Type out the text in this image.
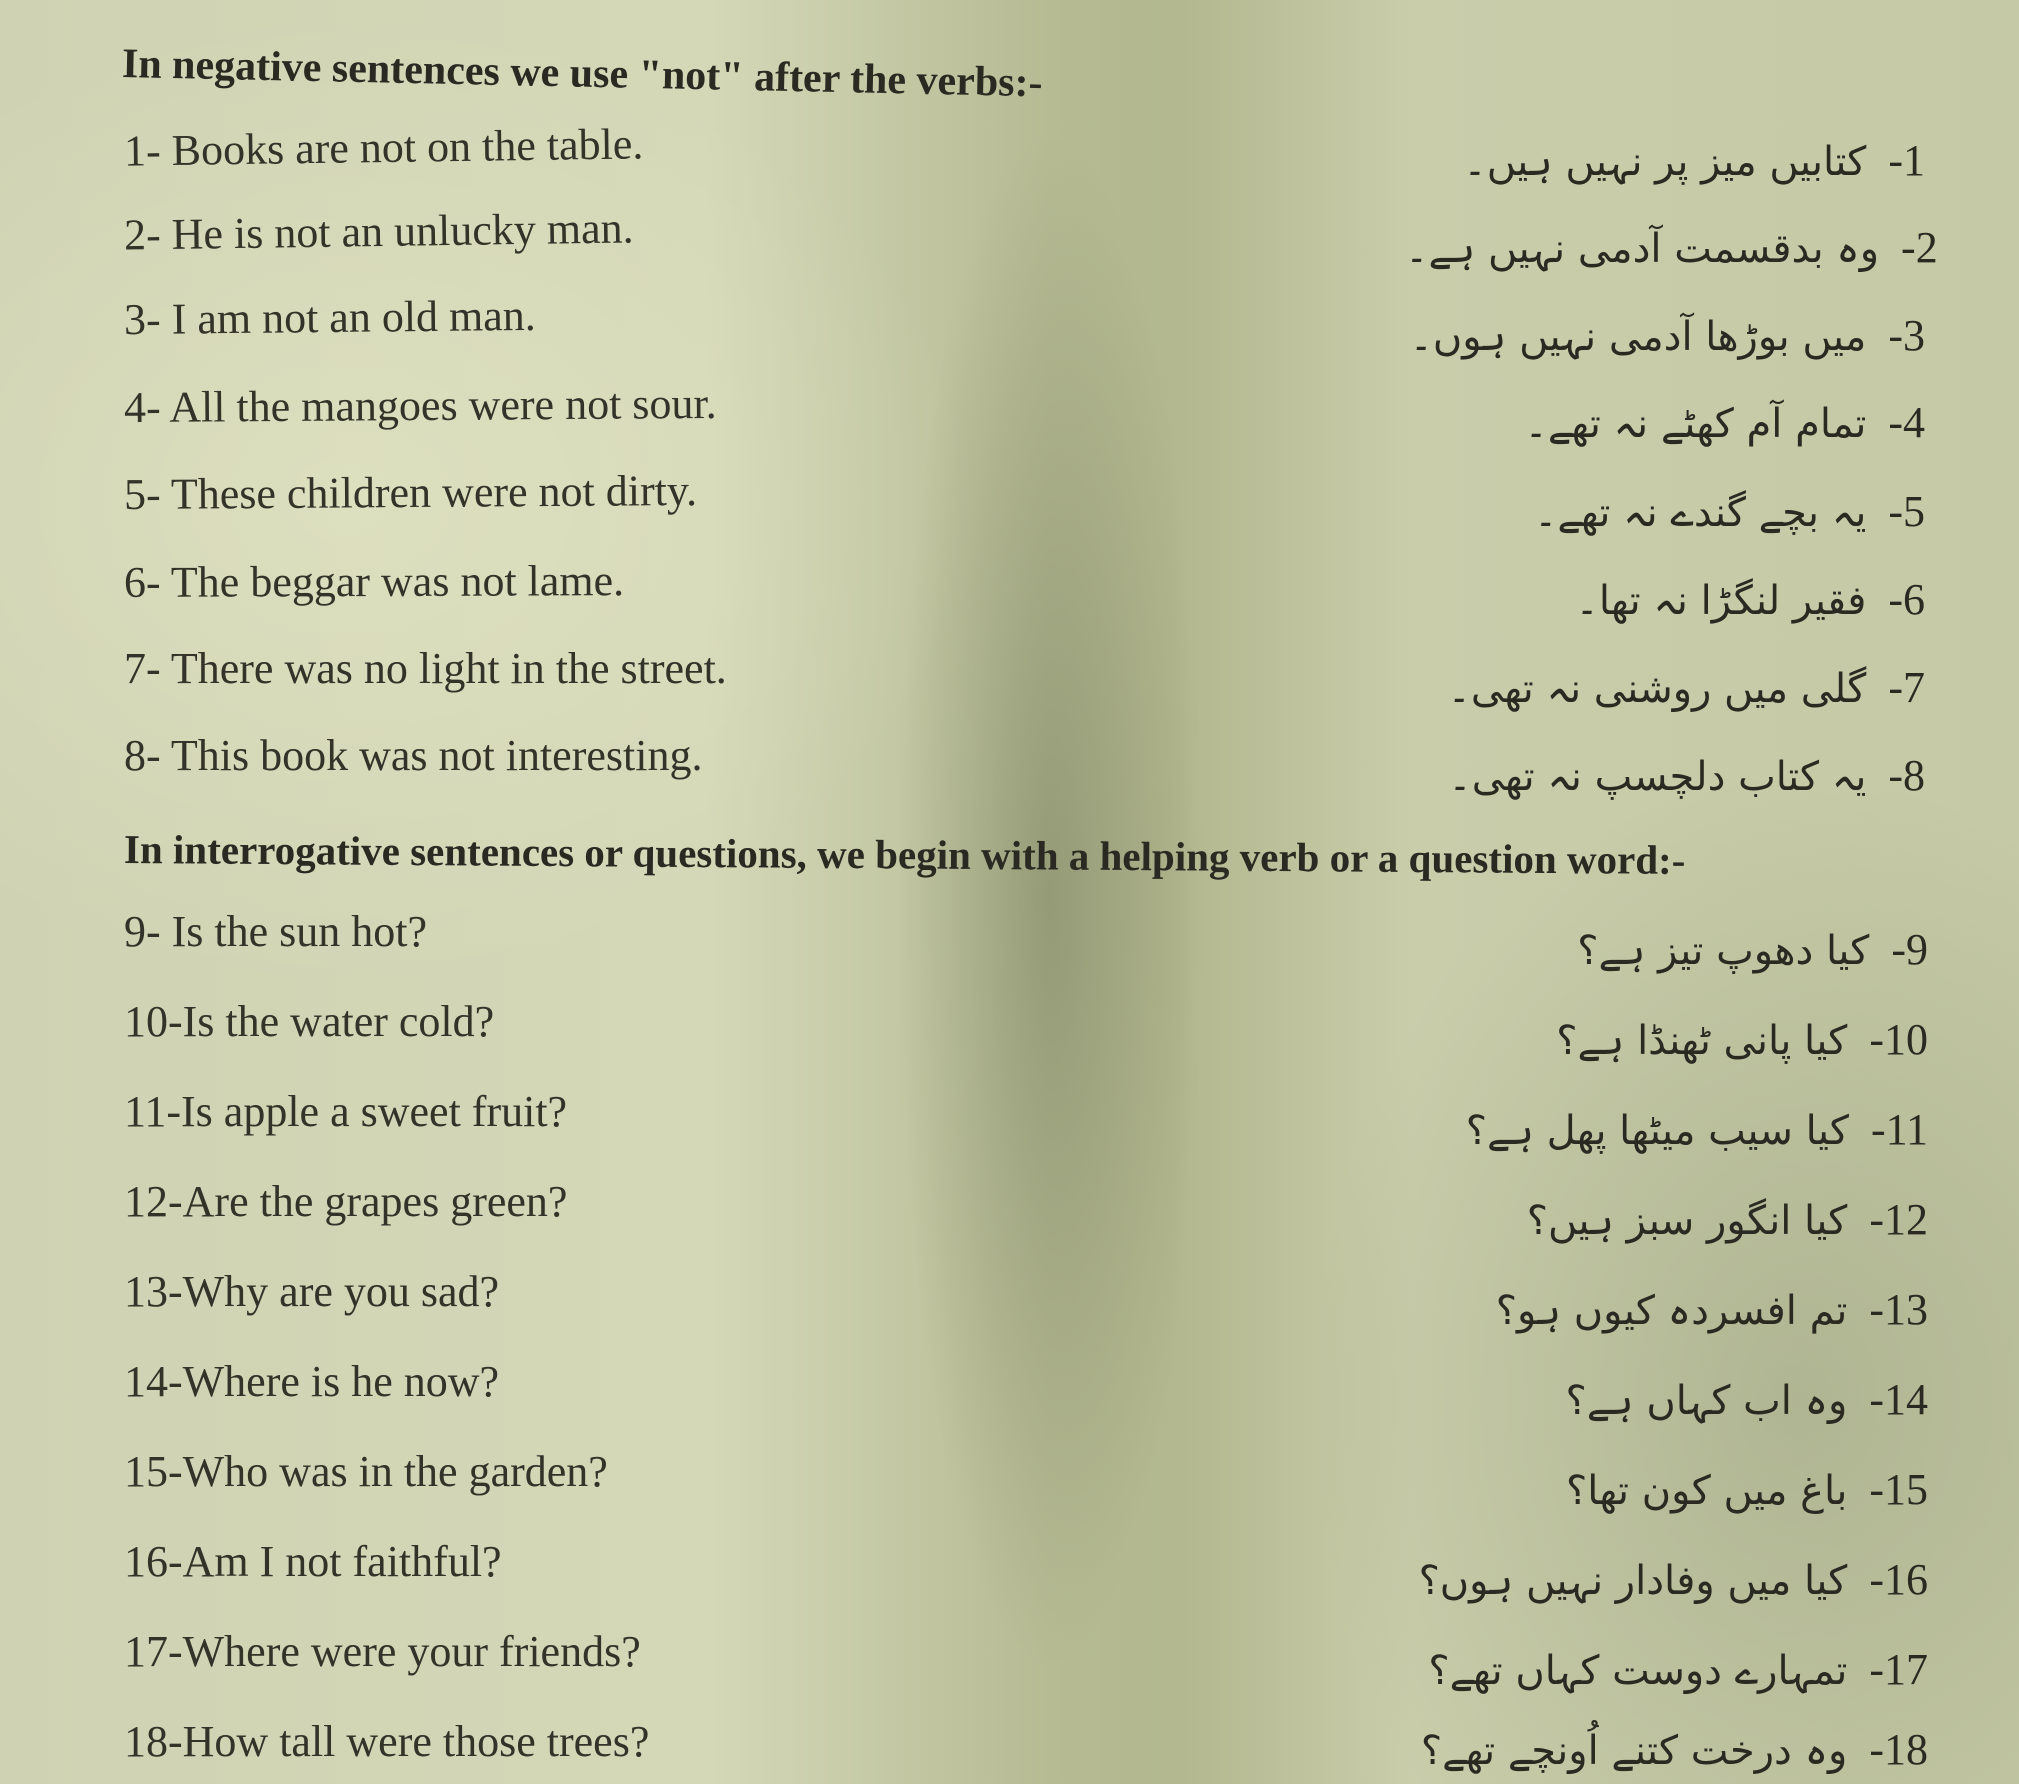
In negative sentences we use "not" after the verbs:-
1- Books are not on the table.
2- He is not an unlucky man.
3- I am not an old man.
4- All the mangoes were not sour.
5- These children were not dirty.
6- The beggar was not lame.
7- There was no light in the street.
8- This book was not interesting.
کتابیں میز پر نہیں ہیں۔ -1
وہ بدقسمت آدمی نہیں ہے۔ -2
میں بوڑھا آدمی نہیں ہوں۔ -3
تمام آم کھٹے نہ تھے۔ -4
یہ بچے گندے نہ تھے۔ -5
فقیر لنگڑا نہ تھا۔ -6
گلی میں روشنی نہ تھی۔ -7
یہ کتاب دلچسپ نہ تھی۔ -8
In interrogative sentences or questions, we begin with a helping verb or a question word:-
9- Is the sun hot?
10-Is the water cold?
11-Is apple a sweet fruit?
12-Are the grapes green?
13-Why are you sad?
14-Where is he now?
15-Who was in the garden?
16-Am I not faithful?
17-Where were your friends?
18-How tall were those trees?
کیا دھوپ تیز ہے؟ -9
کیا پانی ٹھنڈا ہے؟ -10
کیا سیب میٹھا پھل ہے؟ -11
کیا انگور سبز ہیں؟ -12
تم افسردہ کیوں ہو؟ -13
وہ اب کہاں ہے؟ -14
باغ میں کون تھا؟ -15
کیا میں وفادار نہیں ہوں؟ -16
تمہارے دوست کہاں تھے؟ -17
وہ درخت کتنے اُونچے تھے؟ -18
